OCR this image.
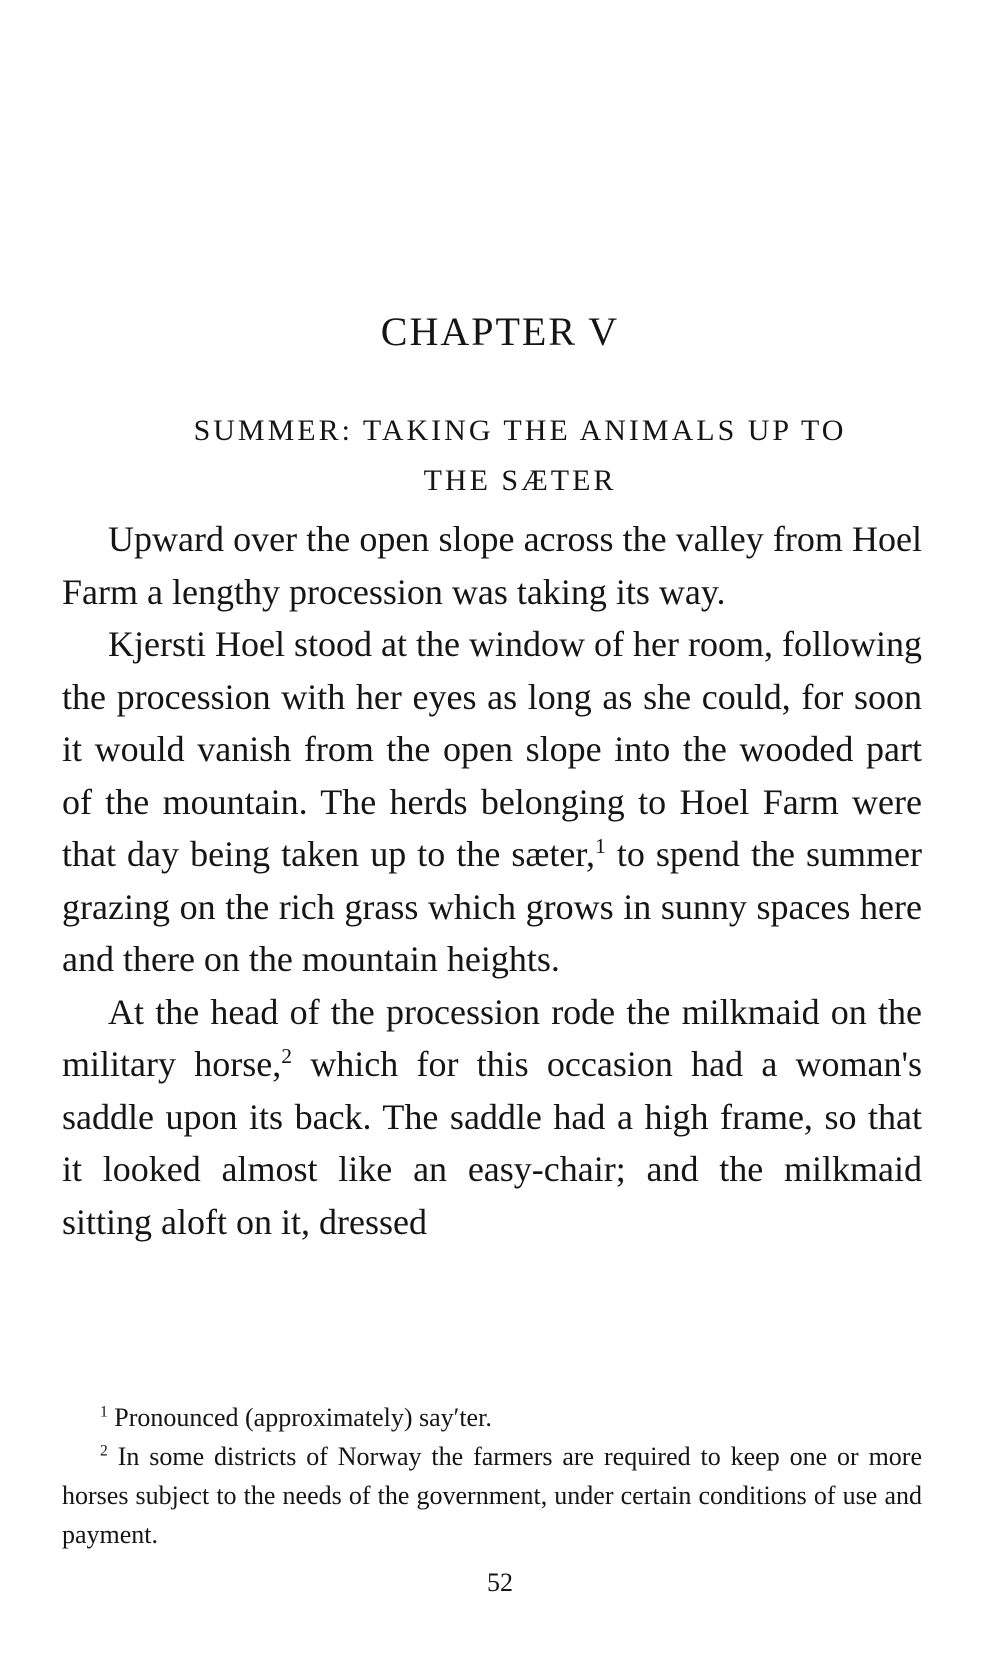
CHAPTER V
SUMMER: TAKING THE ANIMALS UP TO
THE SÆTER

Upward over the open slope across the valley from Hoel Farm a lengthy procession was taking its way.

Kjersti Hoel stood at the window of her room, following the procession with her eyes as long as she could, for soon it would vanish from the open slope into the wooded part of the mountain. The herds belonging to Hoel Farm were that day being taken up to the sæter,$^1$ to spend the summer grazing on the rich grass which grows in sunny spaces here and there on the mountain heights.

At the head of the procession rode the milkmaid on the military horse,$^2$ which for this occasion had a woman's saddle upon its back. The saddle had a high frame, so that it looked almost like an easy-chair; and the milkmaid sitting aloft on it, dressed

$^1$ Pronounced (approximately) say′ter.

$^2$ In some districts of Norway the farmers are required to keep one or more horses subject to the needs of the government, under certain conditions of use and payment.

52
